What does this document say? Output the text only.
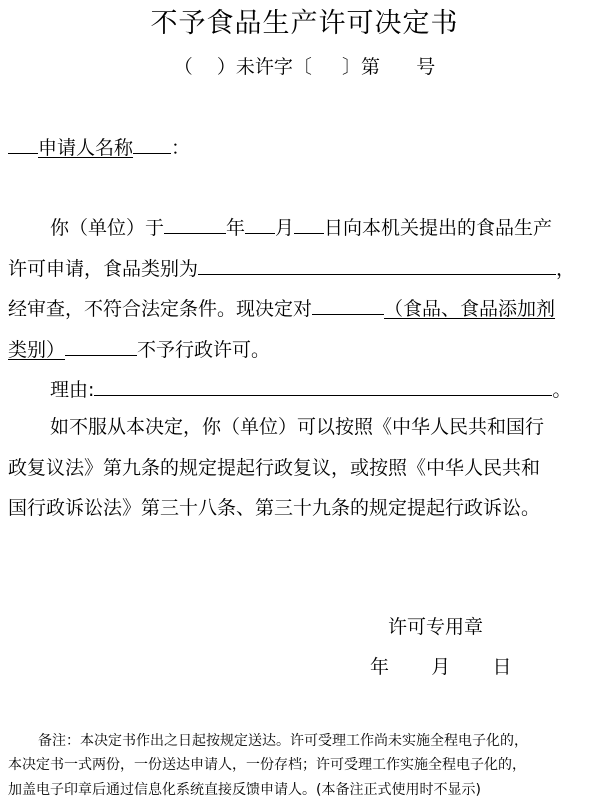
不予食品生产许可决定书
（    ）未许字〔     〕第      号
申请人名称 ：
你（单位）于	年 月 日向本机关提出的食品生产
许可申请，食品类别为	，
经审查，不符合法定条件。现决定对	（食品、食品添加剂
类别）	不予行政许可。
理由:	。
如不服从本决定，你（单位）可以按照《中华人民共和国行
政复议法》第九条的规定提起行政复议，或按照《中华人民共和
国行政诉讼法》第三十八条、第三十九条的规定提起行政诉讼。
许可专用章
年       月       日
备注：本决定书作出之日起按规定送达。许可受理工作尚未实施全程电子化的，
本决定书一式两份，一份送达申请人，一份存档；许可受理工作实施全程电子化的，
加盖电子印章后通过信息化系统直接反馈申请人。(本备注正式使用时不显示)
